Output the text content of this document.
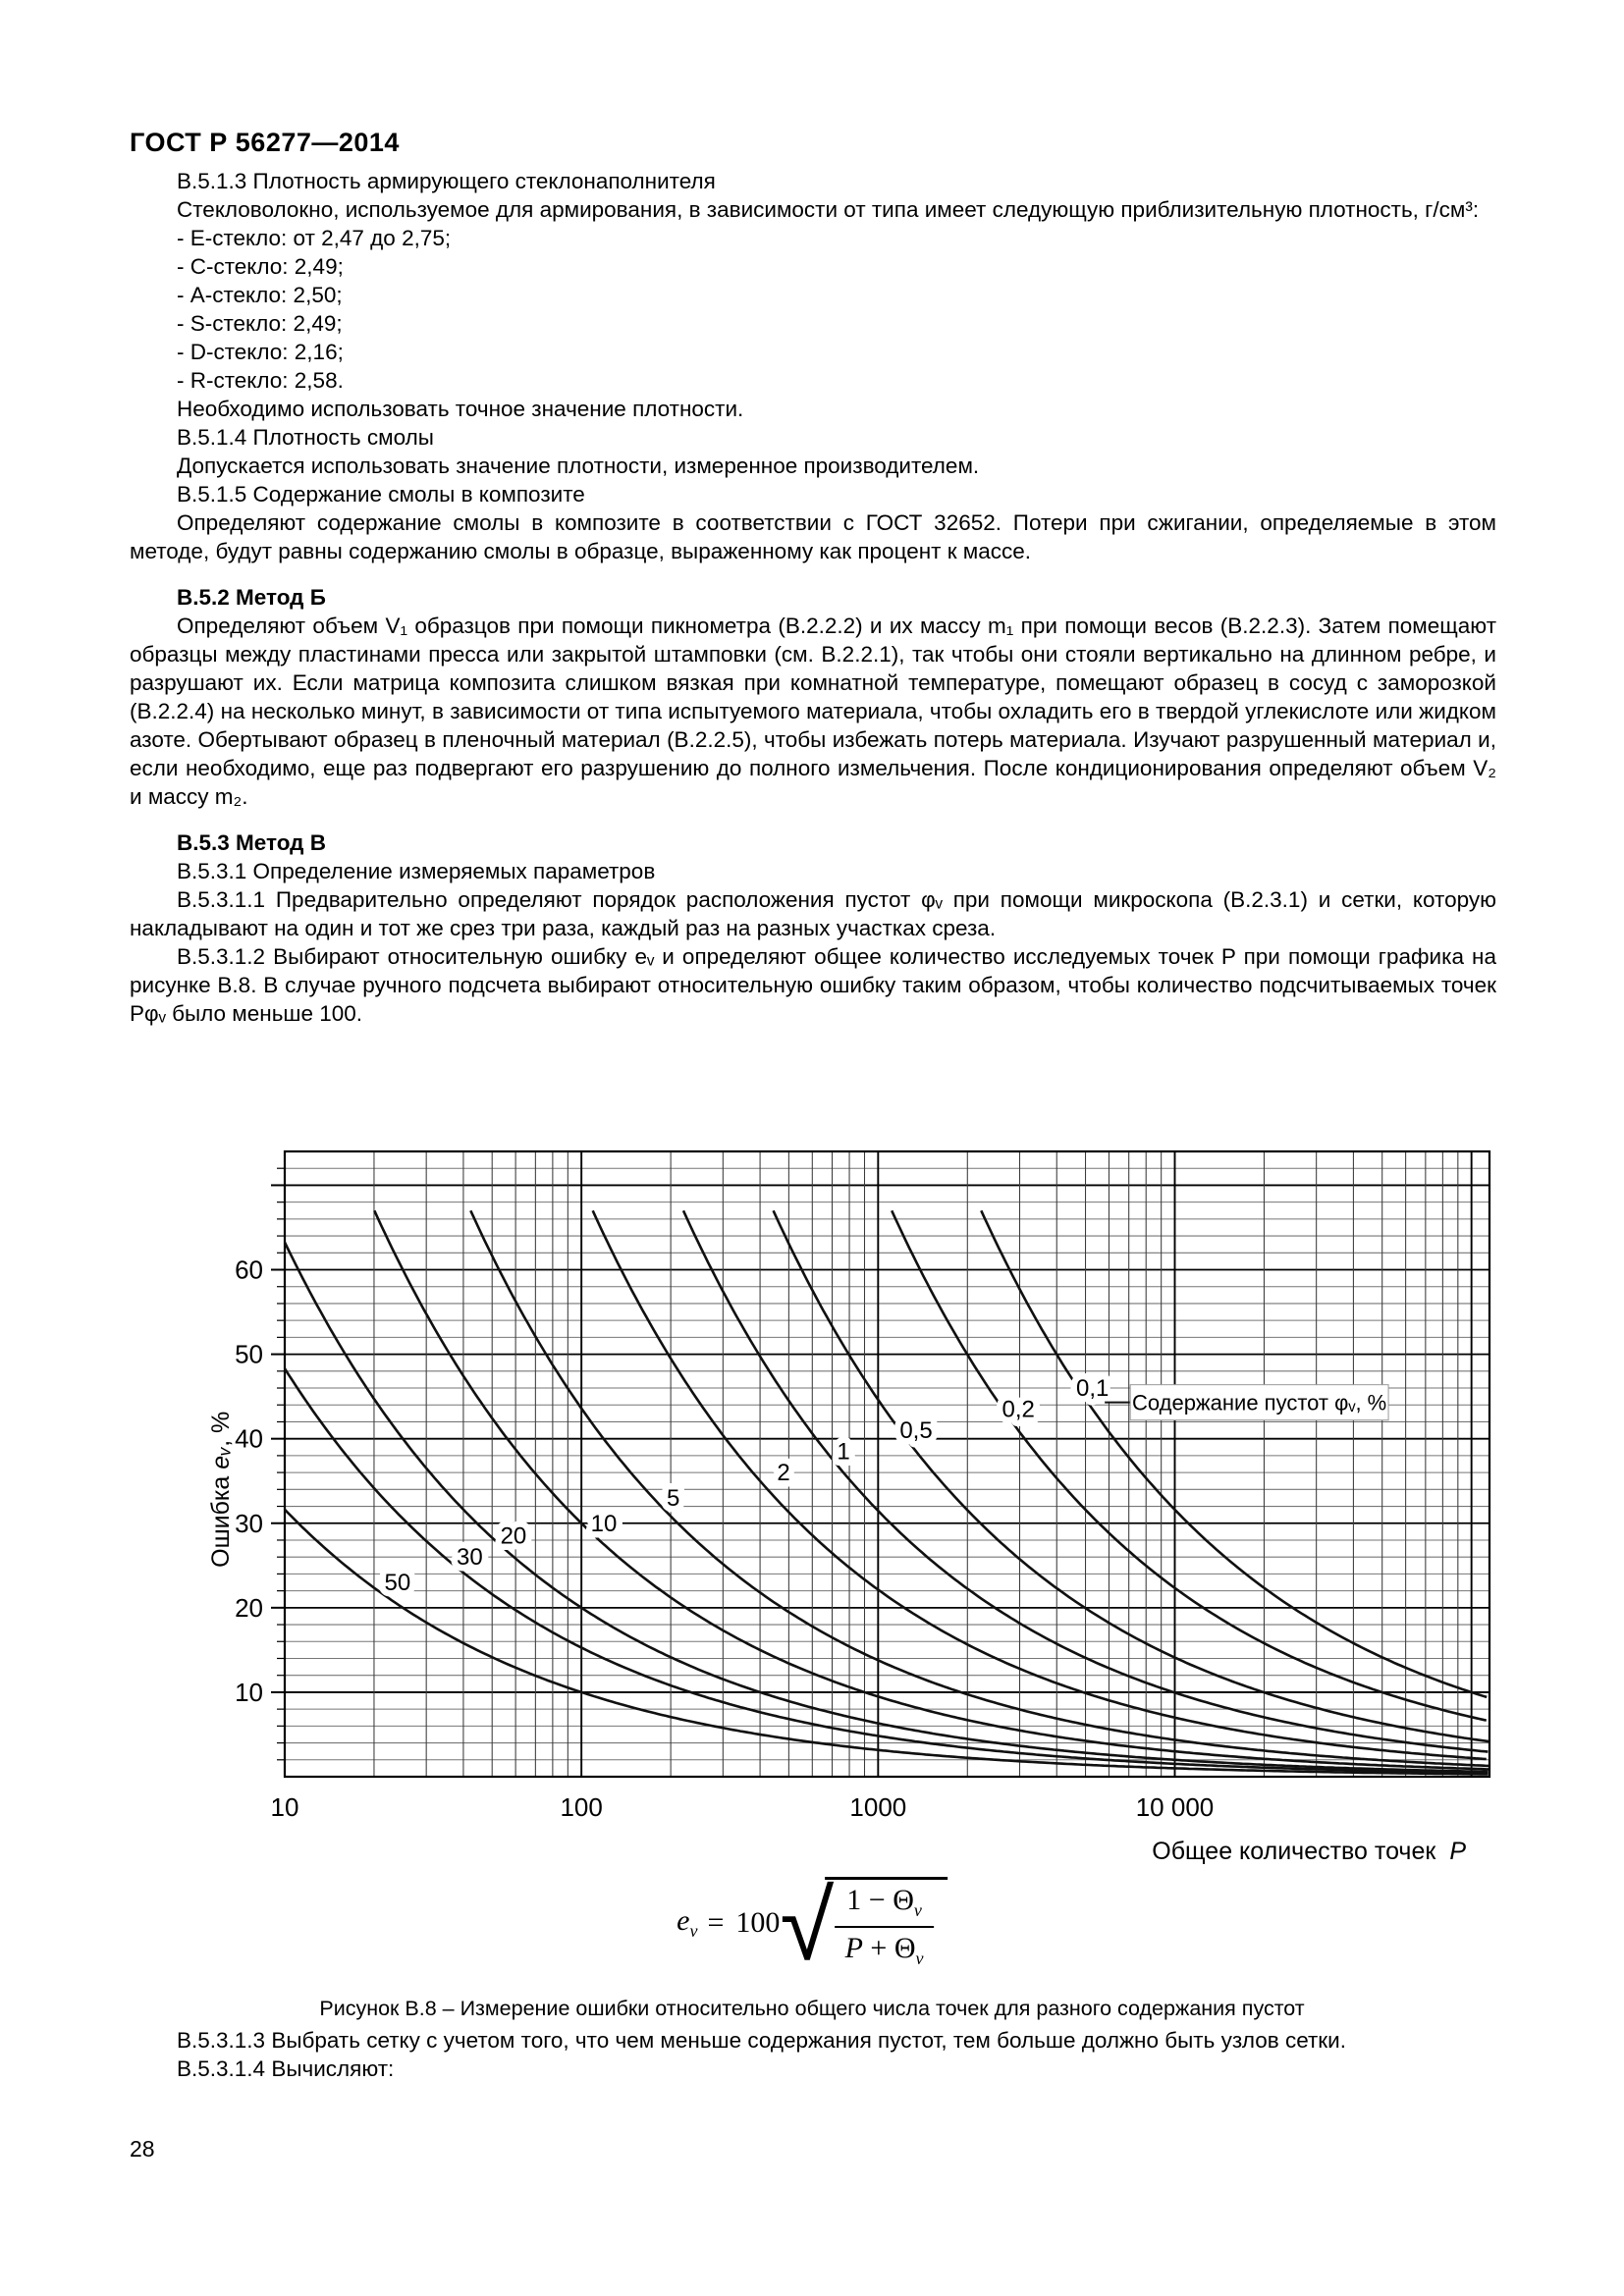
ГОСТ Р 56277—2014

В.5.1.3 Плотность армирующего стеклонаполнителя

Стекловолокно, используемое для армирования, в зависимости от типа имеет следующую приблизительную плотность, г/см³:

- Е-стекло: от 2,47 до 2,75;

- С-стекло: 2,49;

- А-стекло: 2,50;

- S-стекло: 2,49;

- D-стекло: 2,16;

- R-стекло: 2,58.

Необходимо использовать точное значение плотности.

В.5.1.4 Плотность смолы

Допускается использовать значение плотности, измеренное производителем.

В.5.1.5 Содержание смолы в композите

Определяют содержание смолы в композите в соответствии с ГОСТ 32652. Потери при сжигании, определяемые в этом методе, будут равны содержанию смолы в образце, выраженному как процент к массе.

В.5.2 Метод Б

Определяют объем V₁ образцов при помощи пикнометра (В.2.2.2) и их массу m₁ при помощи весов (В.2.2.3). Затем помещают образцы между пластинами пресса или закрытой штамповки (см. В.2.2.1), так чтобы они стояли вертикально на длинном ребре, и разрушают их. Если матрица композита слишком вязкая при комнатной температуре, помещают образец в сосуд с заморозкой (В.2.2.4) на несколько минут, в зависимости от типа испытуемого материала, чтобы охладить его в твердой углекислоте или жидком азоте. Обертывают образец в пленочный материал (В.2.2.5), чтобы избежать потерь материала. Изучают разрушенный материал и, если необходимо, еще раз подвергают его разрушению до полного измельчения. После кондиционирования определяют объем V₂ и массу m₂.

В.5.3 Метод В

В.5.3.1 Определение измеряемых параметров

В.5.3.1.1 Предварительно определяют порядок расположения пустот φᵥ при помощи микроскопа (В.2.3.1) и сетки, которую накладывают на один и тот же срез три раза, каждый раз на разных участках среза.

В.5.3.1.2 Выбирают относительную ошибку eᵥ и определяют общее количество исследуемых точек P при помощи графика на рисунке В.8. В случае ручного подсчета выбирают относительную ошибку таким образом, чтобы количество подсчитываемых точек Pφᵥ было меньше 100.

10
20
30
40
50
60
10	100	1000	10 000
50
30
20	10
5
2
1
0,5
0,2
0,1
Содержание пустот φᵥ, %
Ошибка eᵥ, %
Общее количество точек P
$e_v = 100$ √
$\frac{1 - \Theta_v}{P + \Theta_v}$
Рисунок В.8 – Измерение ошибки относительно общего числа точек для разного содержания пустот

В.5.3.1.3 Выбрать сетку с учетом того, что чем меньше содержания пустот, тем больше должно быть узлов сетки.

В.5.3.1.4 Вычисляют:

28
